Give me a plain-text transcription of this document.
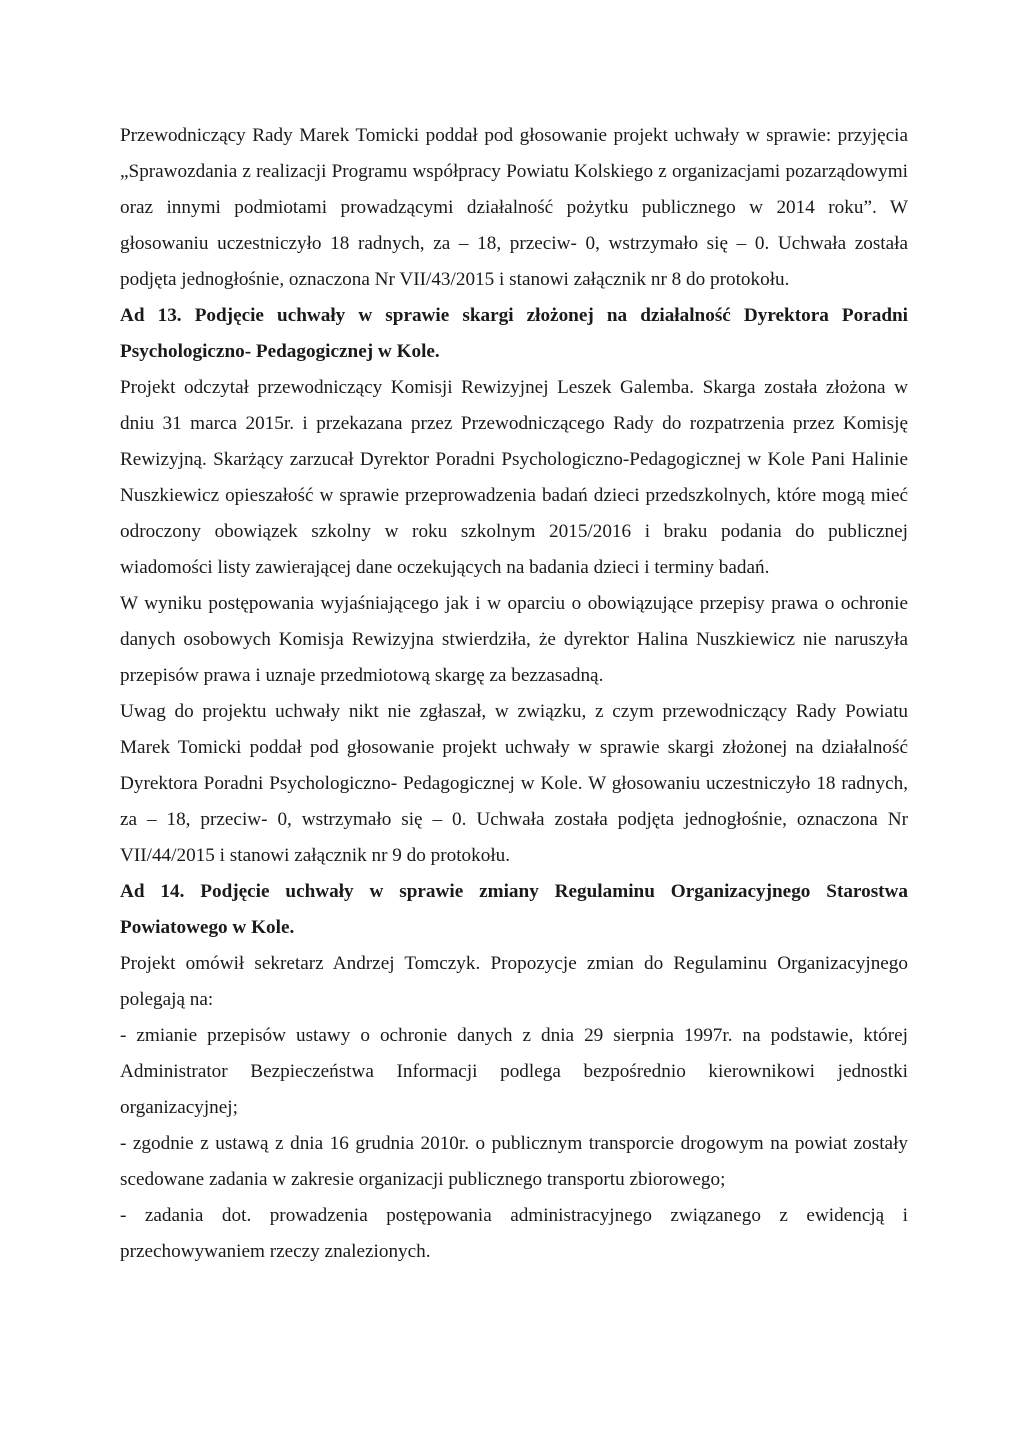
Przewodniczący Rady Marek Tomicki poddał pod głosowanie projekt uchwały w sprawie: przyjęcia „Sprawozdania z realizacji Programu współpracy Powiatu Kolskiego z organizacjami pozarządowymi oraz innymi podmiotami prowadzącymi działalność pożytku publicznego w 2014 roku”. W głosowaniu uczestniczyło 18 radnych, za – 18, przeciw- 0, wstrzymało się – 0. Uchwała została podjęta jednogłośnie, oznaczona Nr VII/43/2015 i stanowi załącznik nr 8 do protokołu.

Ad 13. Podjęcie uchwały w sprawie skargi złożonej na działalność Dyrektora Poradni Psychologiczno- Pedagogicznej w Kole.

Projekt odczytał przewodniczący Komisji Rewizyjnej Leszek Galemba. Skarga została złożona w dniu 31 marca 2015r. i przekazana przez Przewodniczącego Rady do rozpatrzenia przez Komisję Rewizyjną. Skarżący zarzucał Dyrektor Poradni Psychologiczno-Pedagogicznej w Kole Pani Halinie Nuszkiewicz opieszałość w sprawie przeprowadzenia badań dzieci przedszkolnych, które mogą mieć odroczony obowiązek szkolny w roku szkolnym 2015/2016 i braku podania do publicznej wiadomości listy zawierającej dane oczekujących na badania dzieci i terminy badań.

W wyniku postępowania wyjaśniającego jak i w oparciu o obowiązujące przepisy prawa o ochronie danych osobowych Komisja Rewizyjna stwierdziła, że dyrektor Halina Nuszkiewicz nie naruszyła przepisów prawa i uznaje przedmiotową skargę za bezzasadną.

Uwag do projektu uchwały nikt nie zgłaszał, w związku, z czym przewodniczący Rady Powiatu Marek Tomicki poddał pod głosowanie projekt uchwały w sprawie skargi złożonej na działalność Dyrektora Poradni Psychologiczno- Pedagogicznej w Kole. W głosowaniu uczestniczyło 18 radnych, za – 18, przeciw- 0, wstrzymało się – 0. Uchwała została podjęta jednogłośnie, oznaczona Nr VII/44/2015 i stanowi załącznik nr 9 do protokołu.

Ad 14. Podjęcie uchwały w sprawie zmiany Regulaminu Organizacyjnego Starostwa Powiatowego w Kole.

Projekt omówił sekretarz Andrzej Tomczyk. Propozycje zmian do Regulaminu Organizacyjnego polegają na:

- zmianie przepisów ustawy o ochronie danych z dnia 29 sierpnia 1997r. na podstawie, której Administrator Bezpieczeństwa Informacji podlega bezpośrednio kierownikowi jednostki organizacyjnej;

- zgodnie z ustawą z dnia 16 grudnia 2010r. o publicznym transporcie drogowym na powiat zostały scedowane zadania w zakresie organizacji publicznego transportu zbiorowego;

- zadania dot. prowadzenia postępowania administracyjnego związanego z ewidencją i przechowywaniem rzeczy znalezionych.
